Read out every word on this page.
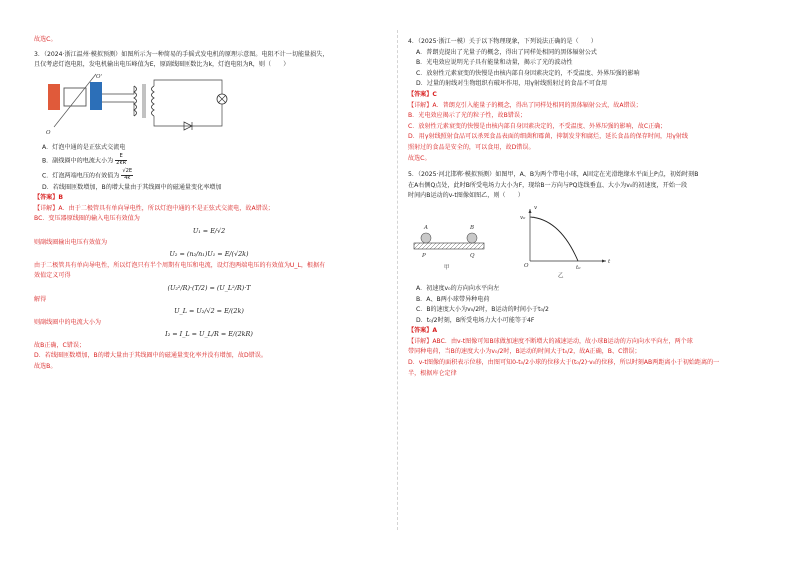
故选C。

3．（2024·浙江温州·模拟预测）如图所示为一种简易的手摇式发电机的原理示意图。电阻不计一切能量损失，

且仅考虑灯泡电阻，发电机输出电压峰值为E，原副线圈匝数比为k，灯泡电阻为R，则（　　）

O'
O

A．灯泡中通的是正弦式交流电

B．副线圈中的电流大小为 $\frac{E}{2kR}$

C．灯泡两端电压的有效值为 $\frac{√2E}{4k}$

D．若线圈匝数增加，B的增大量由于其线圈中的磁通量变化率增加

【答案】B

【详解】A．由于二极管具有单向导电性，所以灯泡中通的不是正弦式交流电，故A错误；

BC．变压器原线圈的输入电压有效值为

U₁ = E/√2

则副线圈输出电压有效值为

U₂ = (n₂/n₁)U₁ = E/(√2k)

由于二极管具有单向导电性，所以灯泡只有半个周期有电压和电流，设灯泡两端电压的有效值为U_L，根据有

效值定义可得

(U₂²/R)·(T/2) = (U_L²/R)·T

解得

U_L = U₂/√2 = E/(2k)

则副线圈中的电流大小为

I₂ = I_L = U_L/R = E/(2kR)

故B正确，C错误；

D．若线圈匝数增加，B的增大量由于其线圈中的磁通量变化率并没有增加，故D错误。

故选B。

4．（2025·浙江一模）关于以下物理现象，下列说法正确的是（　　）

A．普朗克提出了光量子的概念，得出了同样处相同的黑体辐射公式

B．光电效应说明光子具有能量和动量，揭示了光的波动性

C．放射性元素衰变的快慢是由核内部自身因素决定的，不受温度、外界压强的影响

D．过量的射线对生物组织有破坏作用，用γ射线照射过的食品不可食用

【答案】C

【详解】A．普朗克引入能量子的概念，得出了同样处相同的黑体辐射公式，故A错误；

B．光电效应揭示了光的粒子性，故B错误；

C．放射性元素衰变的快慢是由核内部自身因素决定的，不受温度、外界压强的影响，故C正确；

D．用γ射线照射食品可以杀死食品表面的细菌和霉菌，抑制发芽和腐烂，延长食品的保存时间，用γ射线

照射过的食品是安全的，可以食用，故D错误。

故选C。

5．（2025·河北邯郸·模拟预测）如图甲，A、B为两个带电小球，A固定在光滑绝缘水平面上P点，初始时刻B

在A右侧Q点处，此时B所受电场力大小为F，现给B一方向与PQ连线垂直、大小为v₀的初速度，开始一段

时间内B运动的v-t图像如图乙，则（　　）

A	B
P	Q
甲
v
v₀
t
t₀
O
乙

A．初速度v₀的方向向水平向左

B．A、B两小球带异种电荷

C．B的速度大小为v₀/2时，B运动的时间小于t₀/2

D．t₀/2时刻，B所受电场力大小可能等于4F

【答案】A

【详解】ABC．由v-t图像可知B球做加速度不断增大的减速运动，故小球B运动的方向向水平向左，两个球

带同种电荷，当B的速度大小为v₀/2时，B运动的时间大于t₀/2，故A正确，B、C错误；

D．v-t图像的面积表示位移，由图可知0-t₀/2小球的位移大于(t₀/2)·v₀的位移，所以时刻AB两距离小于初始距离的一

半，根据库仑定律
